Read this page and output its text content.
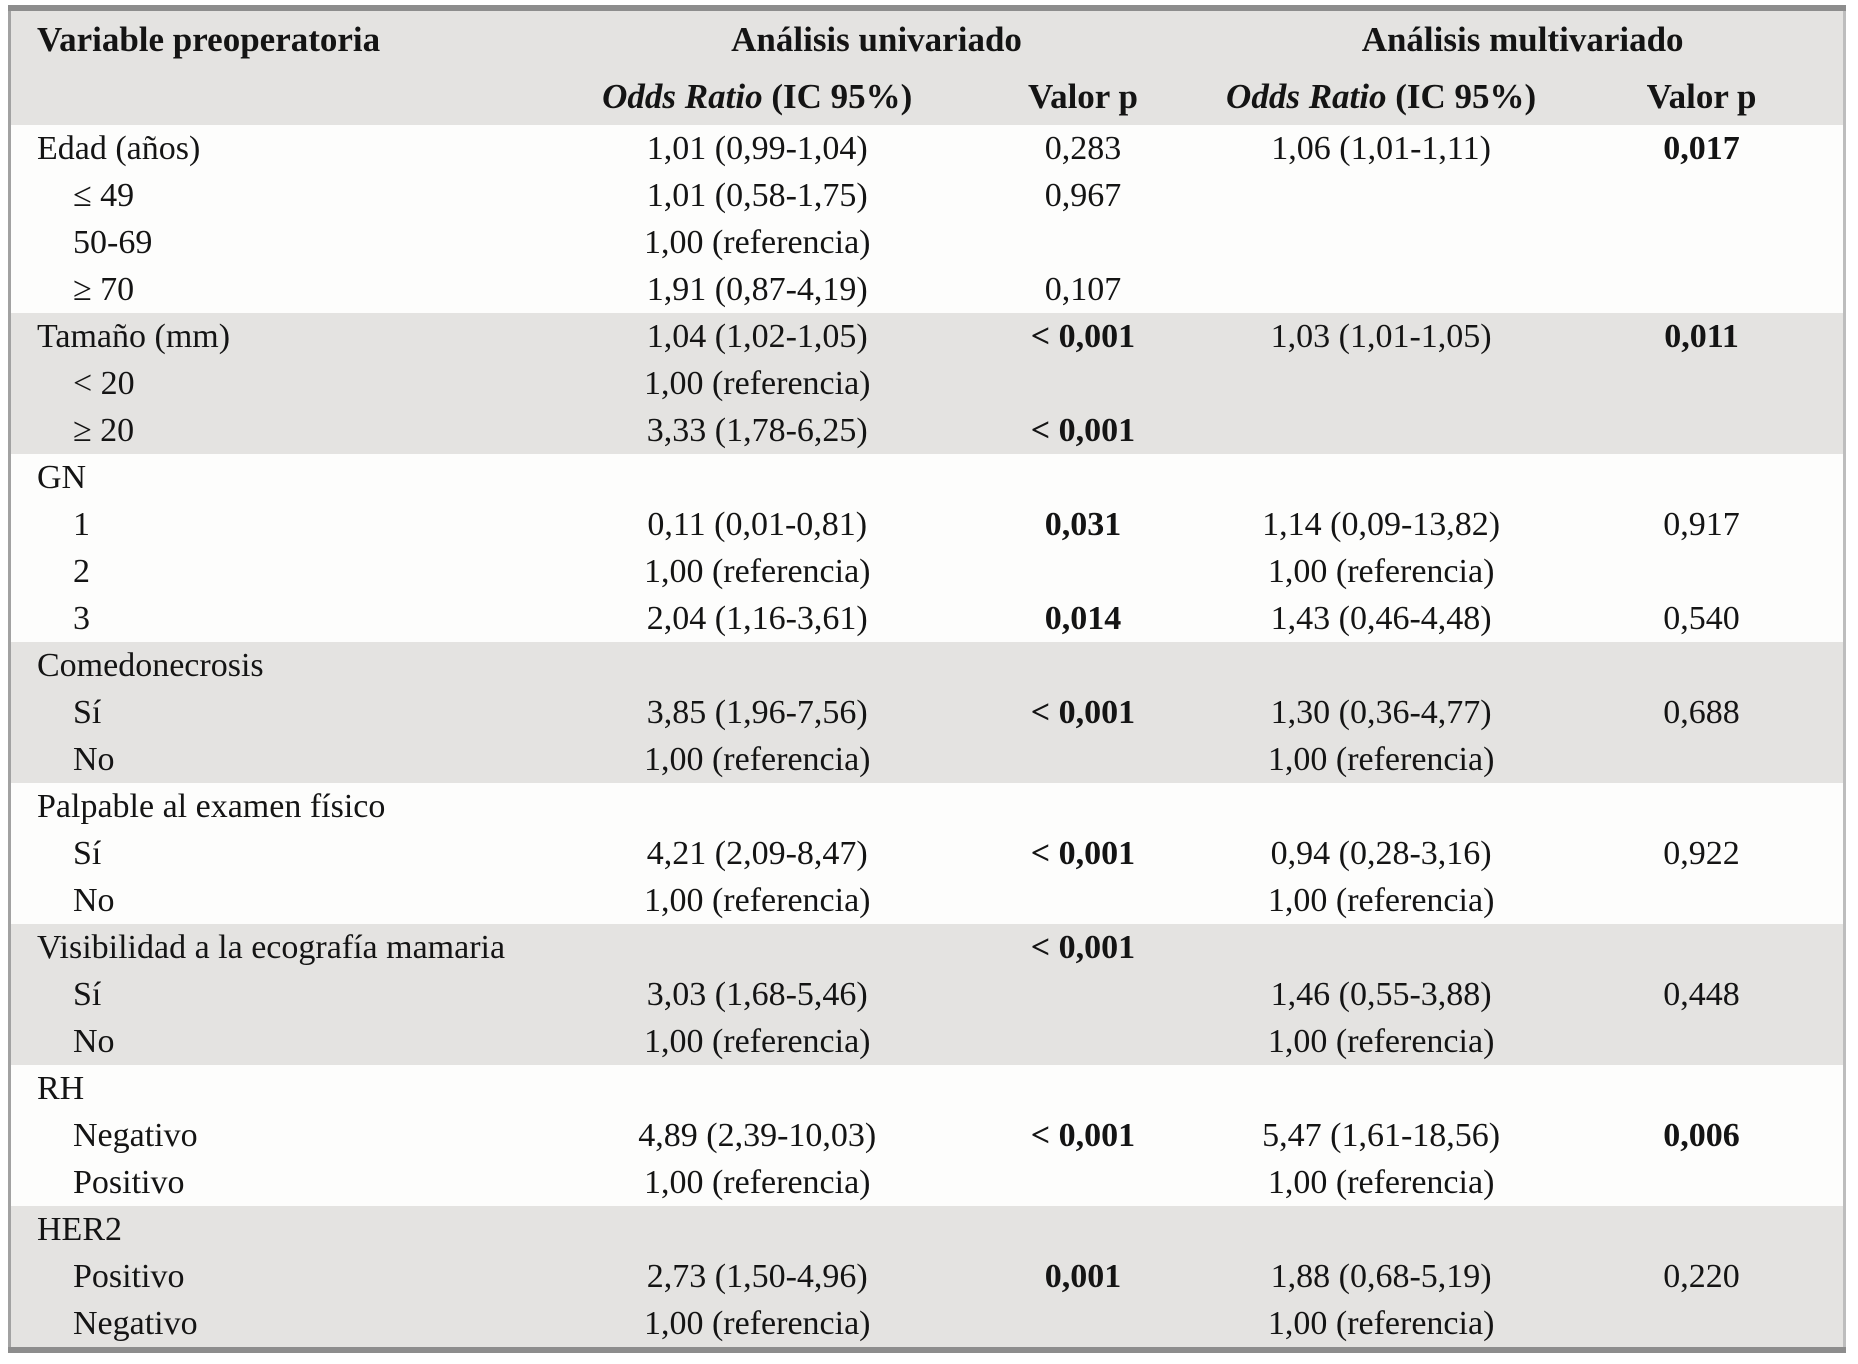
Variable preoperatoria	Análisis univariado		Análisis multivariado	
	Odds Ratio (IC 95%)	Valor p	Odds Ratio (IC 95%)	Valor p
Edad (años)	1,01 (0,99-1,04)	0,283	1,06 (1,01-1,11)	0,017
≤ 49	1,01 (0,58-1,75)	0,967		
50-69	1,00 (referencia)			
≥ 70	1,91 (0,87-4,19)	0,107		
Tamaño (mm)	1,04 (1,02-1,05)	< 0,001	1,03 (1,01-1,05)	0,011
< 20	1,00 (referencia)			
≥ 20	3,33 (1,78-6,25)	< 0,001		
GN				
1	0,11 (0,01-0,81)	0,031	1,14 (0,09-13,82)	0,917
2	1,00 (referencia)		1,00 (referencia)	
3	2,04 (1,16-3,61)	0,014	1,43 (0,46-4,48)	0,540
Comedonecrosis				
Sí	3,85 (1,96-7,56)	< 0,001	1,30 (0,36-4,77)	0,688
No	1,00 (referencia)		1,00 (referencia)	
Palpable al examen físico				
Sí	4,21 (2,09-8,47)	< 0,001	0,94 (0,28-3,16)	0,922
No	1,00 (referencia)		1,00 (referencia)	
Visibilidad a la ecografía mamaria		< 0,001		
Sí	3,03 (1,68-5,46)		1,46 (0,55-3,88)	0,448
No	1,00 (referencia)		1,00 (referencia)	
RH				
Negativo	4,89 (2,39-10,03)	< 0,001	5,47 (1,61-18,56)	0,006
Positivo	1,00 (referencia)		1,00 (referencia)	
HER2				
Positivo	2,73 (1,50-4,96)	0,001	1,88 (0,68-5,19)	0,220
Negativo	1,00 (referencia)		1,00 (referencia)	
